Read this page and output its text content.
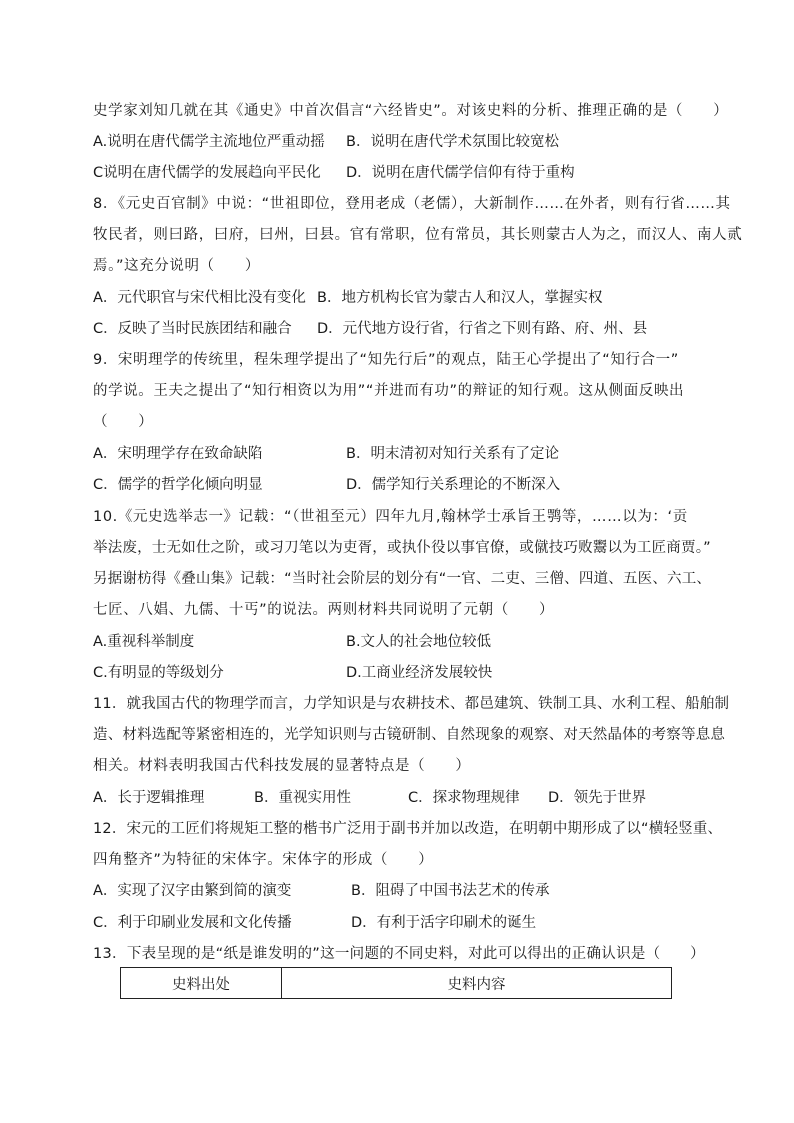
史学家刘知几就在其《通史》中首次倡言“六经皆史”。对该史料的分析、推理正确的是（　　）
A.说明在唐代儒学主流地位严重动摇 B．说明在唐代学术氛围比较宽松
C说明在唐代儒学的发展趋向平民化 D．说明在唐代儒学信仰有待于重构
8．《元史百官制》中说：“世祖即位，登用老成（老儒），大新制作……在外者，则有行省……其
牧民者，则曰路，曰府，曰州，曰县。官有常职，位有常员，其长则蒙古人为之，而汉人、南人贰
焉。”这充分说明（　　）
A．元代职官与宋代相比没有变化 B．地方机构长官为蒙古人和汉人，掌握实权
C．反映了当时民族团结和融合 D．元代地方设行省，行省之下则有路、府、州、县
9．宋明理学的传统里，程朱理学提出了“知先行后”的观点，陆王心学提出了“知行合一”
的学说。王夫之提出了“知行相资以为用”“并进而有功”的辩证的知行观。这从侧面反映出
（　　）
A．宋明理学存在致命缺陷	B．明末清初对知行关系有了定论
C．儒学的哲学化倾向明显	D．儒学知行关系理论的不断深入
10.《元史选举志一》记载：“（世祖至元）四年九月,翰林学士承旨王鹗等，……以为：‘贡
举法废，士无如仕之阶，或习刀笔以为吏胥，或执仆役以事官僚，或僦技巧败鬻以为工匠商贾。”
另据谢枋得《叠山集》记载：“当时社会阶层的划分有“一官、二吏、三僧、四道、五医、六工、
七匠、八娼、九儒、十丐”的说法。两则材料共同说明了元朝（　　）
A.重视科举制度	B.文人的社会地位较低
C.有明显的等级划分	D.工商业经济发展较快
11．就我国古代的物理学而言，力学知识是与农耕技术、都邑建筑、铁制工具、水利工程、船舶制
造、材料选配等紧密相连的，光学知识则与古镜研制、自然现象的观察、对天然晶体的考察等息息
相关。材料表明我国古代科技发展的显著特点是（　　）
A．长于逻辑推理	B．重视实用性	C．探求物理规律 D．领先于世界
12．宋元的工匠们将规矩工整的楷书广泛用于副书并加以改造，在明朝中期形成了以“横轻竖重、
四角整齐”为特征的宋体字。宋体字的形成（　　）
A．实现了汉字由繁到简的演变	B．阻碍了中国书法艺术的传承
C．利于印刷业发展和文化传播	D．有利于活字印刷术的诞生
13．下表呈现的是“纸是谁发明的”这一问题的不同史料，对此可以得出的正确认识是（　　）
史料出处	史料内容
